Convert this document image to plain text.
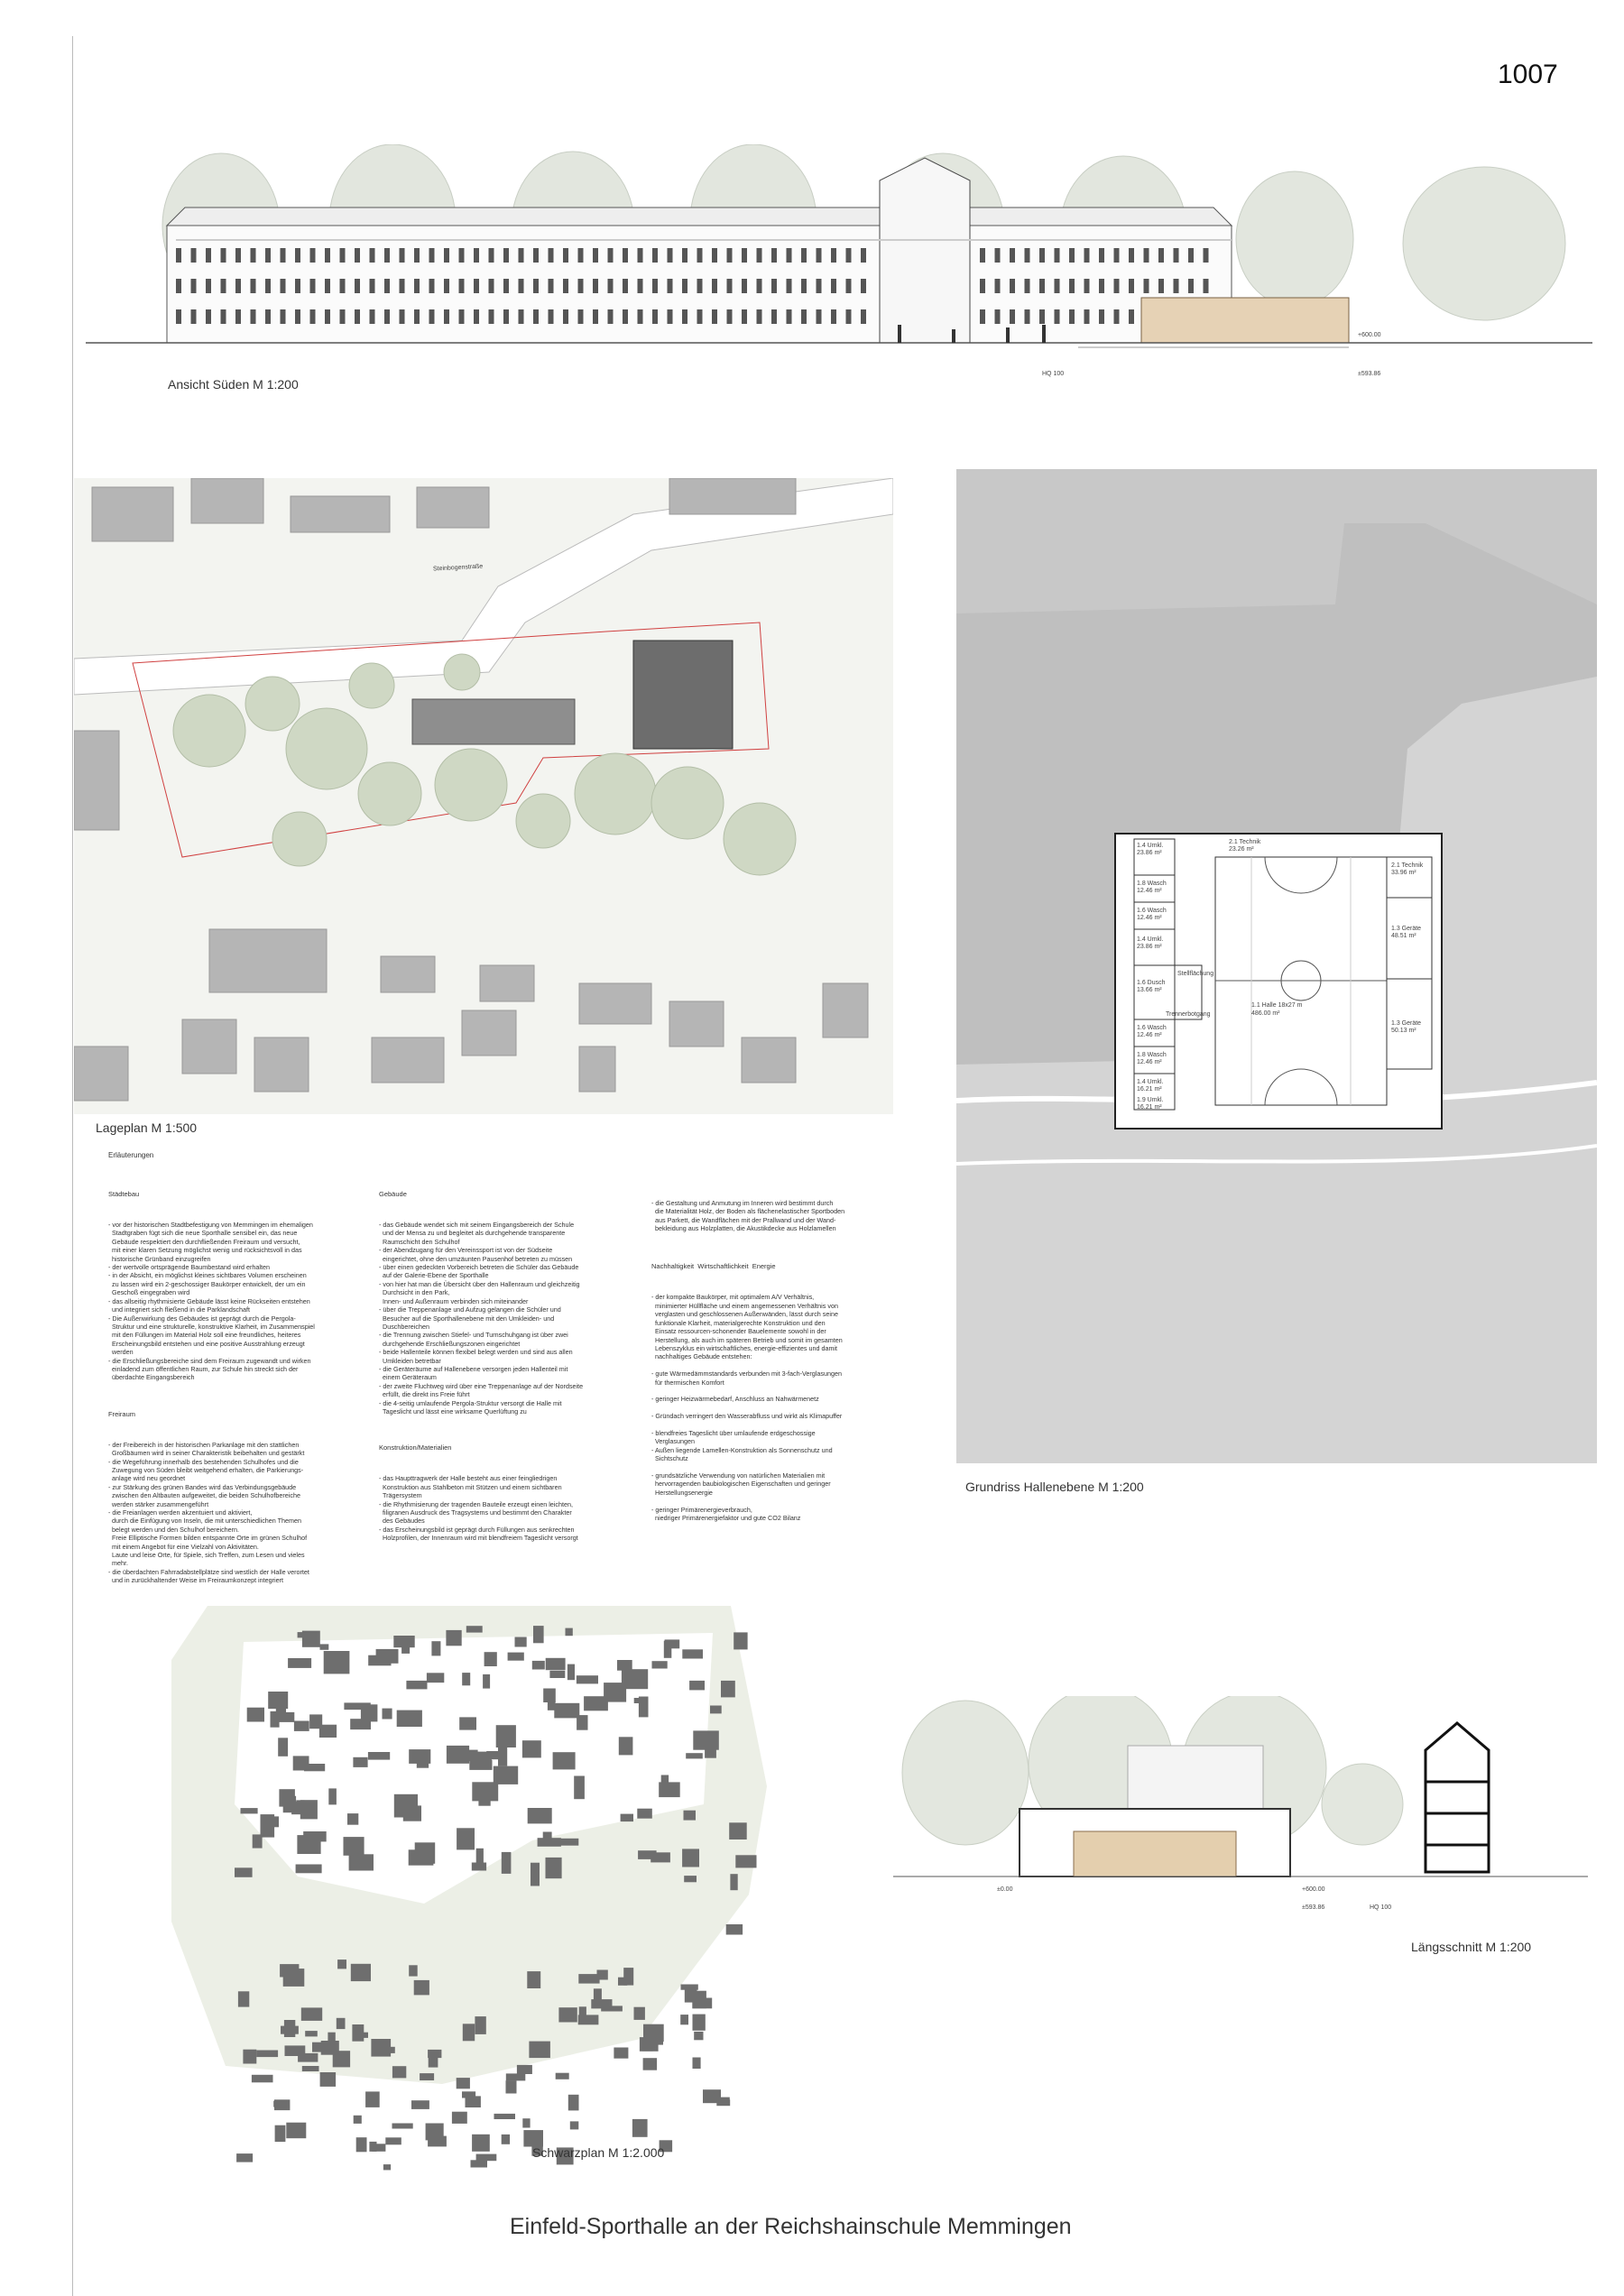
1007
+600.00
HQ 100	±593.86
Ansicht Süden M 1:200
Steinbogenstraße
Lageplan M 1:500
1.1 Halle 18x27 m
486.00 m²
2.1 Technik
23.26 m²
2.1 Technik
33.96 m²
1.3 Geräte
48.51 m²
1.3 Geräte
50.13 m²
1.4 Umkl.
23.86 m²
1.8 Wasch
12.46 m²
1.6 Wasch
12.46 m²
1.4 Umkl.
23.86 m²
1.6 Dusch
13.66 m²
1.6 Wasch
12.46 m²
1.8 Wasch
12.46 m²
1.4 Umkl.
16.21 m²
1.9 Umkl.
16.21 m²
Stellflächung
Trennerbotgang
Grundriss Hallenebene M 1:200
Erläuterungen

Städtebau

- vor der historischen Stadtbefestigung von Memmingen im ehemaligen
Stadtgraben fügt sich die neue Sporthalle sensibel ein, das neue
Gebäude respektiert den durchfließenden Freiraum und versucht,
mit einer klaren Setzung möglichst wenig und rücksichtsvoll in das
historische Grünband einzugreifen
- der wertvolle ortsprägende Baumbestand wird erhalten
- in der Absicht, ein möglichst kleines sichtbares Volumen erscheinen
zu lassen wird ein 2-geschossiger Baukörper entwickelt, der um ein
Geschoß eingegraben wird
- das allseitig rhythmisierte Gebäude lässt keine Rückseiten entstehen
und integriert sich fließend in die Parklandschaft
- Die Außenwirkung des Gebäudes ist geprägt durch die Pergola-
Struktur und eine strukturelle, konstruktive Klarheit, im Zusammenspiel
mit den Füllungen im Material Holz soll eine freundliches, heiteres
Erscheinungsbild entstehen und eine positive Ausstrahlung erzeugt
werden
- die Erschließungsbereiche sind dem Freiraum zugewandt und wirken
einladend zum öffentlichen Raum, zur Schule hin streckt sich der
überdachte Eingangsbereich

Freiraum

- der Freibereich in der historischen Parkanlage mit den stattlichen
Großbäumen wird in seiner Charakteristik beibehalten und gestärkt
- die Wegeführung innerhalb des bestehenden Schulhofes und die
Zuwegung von Süden bleibt weitgehend erhalten, die Parkierungs-
anlage wird neu geordnet
- zur Stärkung des grünen Bandes wird das Verbindungsgebäude
zwischen den Altbauten aufgeweitet, die beiden Schulhofbereiche
werden stärker zusammengeführt
- die Freianlagen werden akzentuiert und aktiviert,
durch die Einfügung von Inseln, die mit unterschiedlichen Themen
belegt werden und den Schulhof bereichern.
Freie Elliptische Formen bilden entspannte Orte im grünen Schulhof
mit einem Angebot für eine Vielzahl von Aktivitäten.
Laute und leise Orte, für Spiele, sich Treffen, zum Lesen und vieles
mehr.
- die überdachten Fahrradabstellplätze sind westlich der Halle verortet
und in zurückhaltender Weise im Freiraumkonzept integriert

Gebäude

- das Gebäude wendet sich mit seinem Eingangsbereich der Schule
und der Mensa zu und begleitet als durchgehende transparente
Raumschicht den Schulhof
- der Abendzugang für den Vereinssport ist von der Südseite
eingerichtet, ohne den umzäunten Pausenhof betreten zu müssen
- über einen gedeckten Vorbereich betreten die Schüler das Gebäude
auf der Galerie-Ebene der Sporthalle
- von hier hat man die Übersicht über den Hallenraum und gleichzeitig
Durchsicht in den Park,
Innen- und Außenraum verbinden sich miteinander
- über die Treppenanlage und Aufzug gelangen die Schüler und
Besucher auf die Sporthallenebene mit den Umkleiden- und
Duschbereichen
- die Trennung zwischen Stiefel- und Turnschuhgang ist über zwei
durchgehende Erschließungszonen eingerichtet
- beide Hallenteile können flexibel belegt werden und sind aus allen
Umkleiden betretbar
- die Geräteräume auf Hallenebene versorgen jeden Hallenteil mit
einem Geräteraum
- der zweite Fluchtweg wird über eine Treppenanlage auf der Nordseite
erfüllt, die direkt ins Freie führt
- die 4-seitig umlaufende Pergola-Struktur versorgt die Halle mit
Tageslicht und lässt eine wirksame Querlüftung zu

Konstruktion/Materialien

- das Haupttragwerk der Halle besteht aus einer feingliedrigen
Konstruktion aus Stahlbeton mit Stützen und einem sichtbaren
Trägersystem
- die Rhythmisierung der tragenden Bauteile erzeugt einen leichten,
filigranen Ausdruck des Tragsystems und bestimmt den Charakter
des Gebäudes
- das Erscheinungsbild ist geprägt durch Füllungen aus senkrechten
Holzprofilen, der Innenraum wird mit blendfreiem Tageslicht versorgt

- die Gestaltung und Anmutung im Inneren wird bestimmt durch
die Materialität Holz, der Boden als flächenelastischer Sportboden
aus Parkett, die Wandflächen mit der Prallwand und der Wand-
bekleidung aus Holzplatten, die Akustikdecke aus Holzlamellen

Nachhaltigkeit  Wirtschaftlichkeit  Energie

- der kompakte Baukörper, mit optimalem A/V Verhältnis,
minimierter Hüllfläche und einem angemessenen Verhältnis von
verglasten und geschlossenen Außenwänden, lässt durch seine
funktionale Klarheit, materialgerechte Konstruktion und den
Einsatz ressourcen-schonender Bauelemente sowohl in der
Herstellung, als auch im späteren Betrieb und somit im gesamten
Lebenszyklus ein wirtschaftliches, energie-effizientes und damit
nachhaltiges Gebäude entstehen:

- gute Wärmedämmstandards verbunden mit 3-fach-Verglasungen
für thermischen Komfort

- geringer Heizwärmebedarf, Anschluss an Nahwärmenetz

- Gründach verringert den Wasserabfluss und wirkt als Klimapuffer

- blendfreies Tageslicht über umlaufende erdgeschossige
Verglasungen
- Außen liegende Lamellen-Konstruktion als Sonnenschutz und
Sichtschutz

- grundsätzliche Verwendung von natürlichen Materialien mit
hervorragenden baubiologischen Eigenschaften und geringer
Herstellungsenergie

- geringer Primärenergieverbrauch,
niedriger Primärenergiefaktor und gute CO2 Bilanz

Schwarzplan M 1:2.000
+600.00
±0.00
HQ 100
±593.86
Längsschnitt M 1:200
Einfeld-Sporthalle an der Reichshainschule Memmingen
